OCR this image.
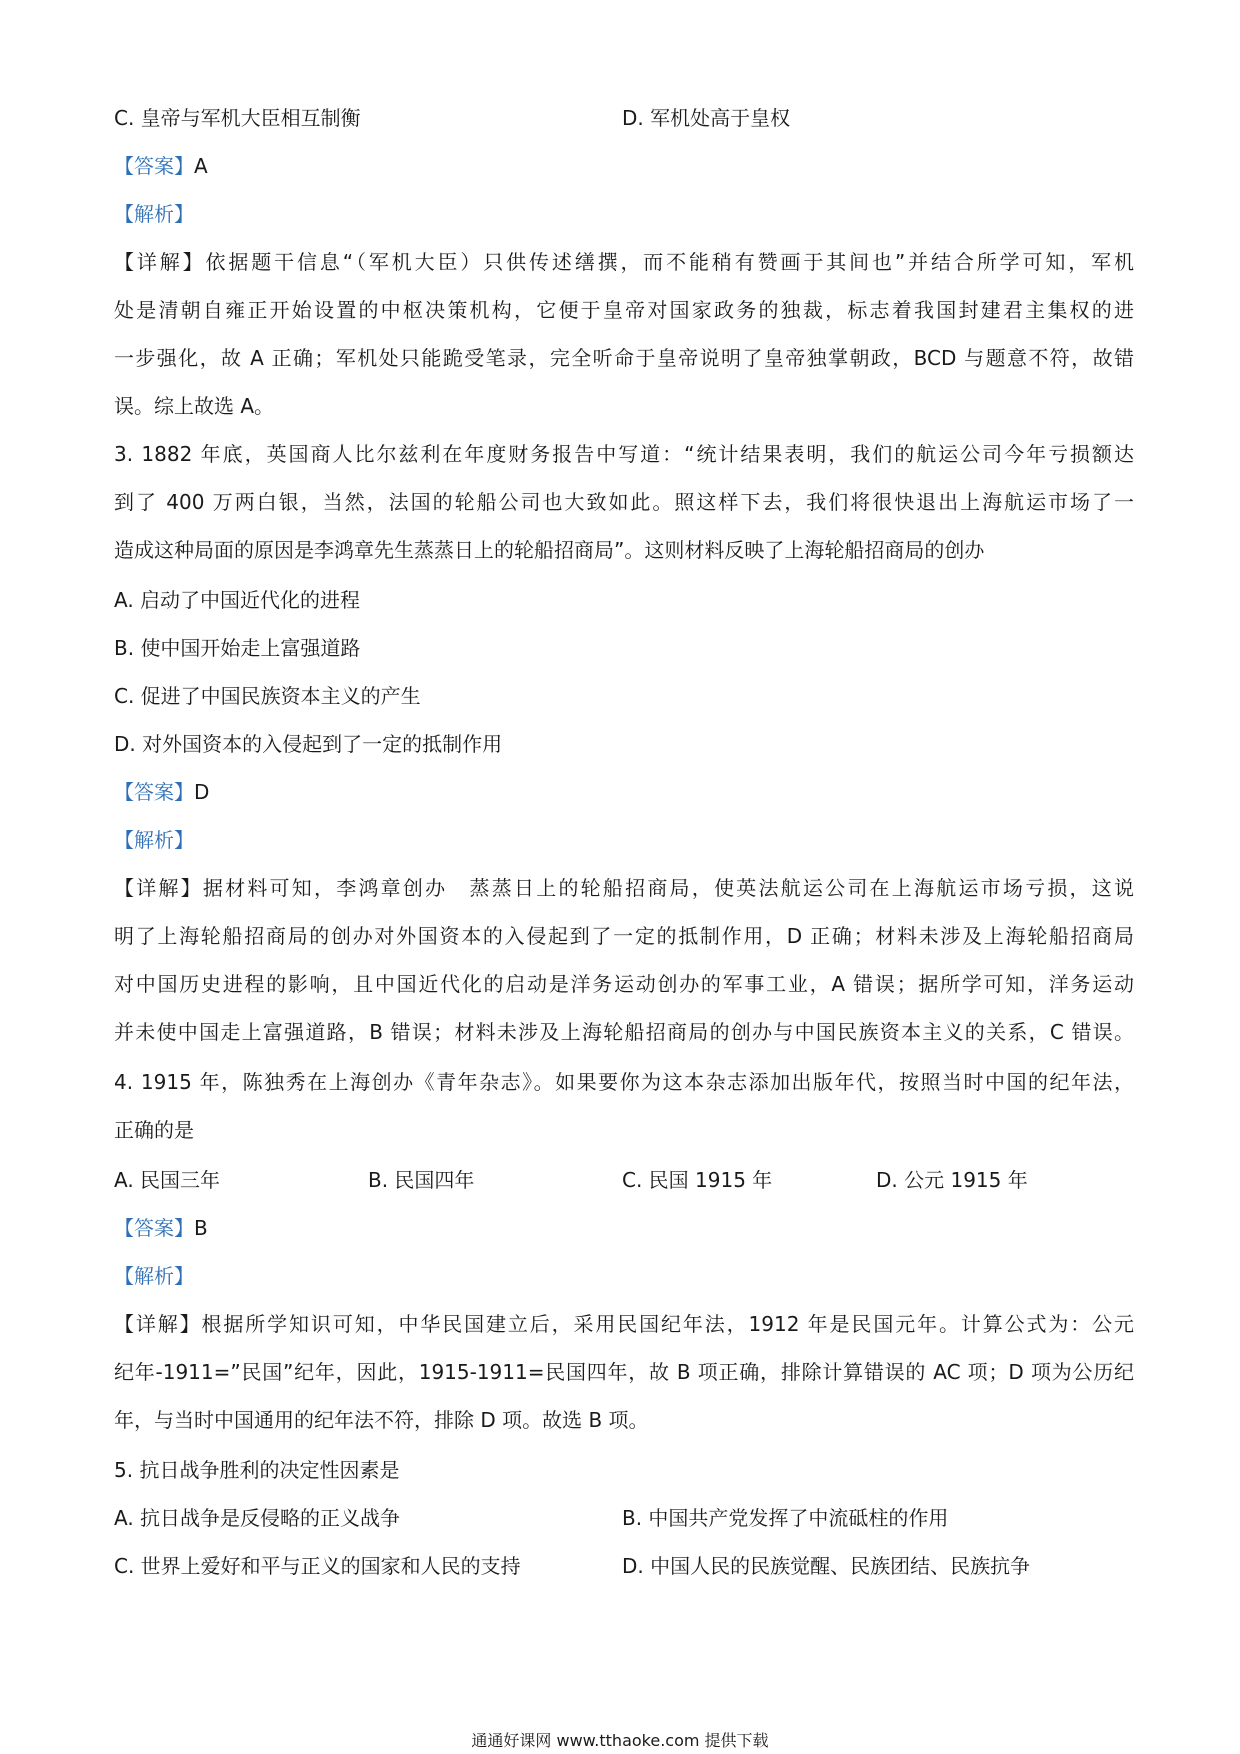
C. 皇帝与军机大臣相互制衡	D. 军机处高于皇权
【答案】A
【解析】
【详解】依据题干信息“（军机大臣）只供传述缮撰，而不能稍有赞画于其间也”并结合所学可知，军机
处是清朝自雍正开始设置的中枢决策机构，它便于皇帝对国家政务的独裁，标志着我国封建君主集权的进
一步强化，故 A 正确；军机处只能跪受笔录，完全听命于皇帝说明了皇帝独掌朝政，BCD 与题意不符，故错
误。综上故选 A。
3. 1882 年底，英国商人比尔兹利在年度财务报告中写道：“统计结果表明，我们的航运公司今年亏损额达
到了 400 万两白银，当然，法国的轮船公司也大致如此。照这样下去，我们将很快退出上海航运市场了一
造成这种局面的原因是李鸿章先生蒸蒸日上的轮船招商局”。这则材料反映了上海轮船招商局的创办
A. 启动了中国近代化的进程
B. 使中国开始走上富强道路
C. 促进了中国民族资本主义的产生
D. 对外国资本的入侵起到了一定的抵制作用
【答案】D
【解析】
【详解】据材料可知，李鸿章创办　蒸蒸日上的轮船招商局，使英法航运公司在上海航运市场亏损，这说
明了上海轮船招商局的创办对外国资本的入侵起到了一定的抵制作用，D 正确；材料未涉及上海轮船招商局
对中国历史进程的影响，且中国近代化的启动是洋务运动创办的军事工业，A 错误；据所学可知，洋务运动
并未使中国走上富强道路，B 错误；材料未涉及上海轮船招商局的创办与中国民族资本主义的关系，C 错误。
4. 1915 年，陈独秀在上海创办《青年杂志》。如果要你为这本杂志添加出版年代，按照当时中国的纪年法，
正确的是
A. 民国三年	B. 民国四年	C. 民国 1915 年	D. 公元 1915 年
【答案】B
【解析】
【详解】根据所学知识可知，中华民国建立后，采用民国纪年法，1912 年是民国元年。计算公式为：公元
纪年-1911=”民国”纪年，因此，1915-1911=民国四年，故 B 项正确，排除计算错误的 AC 项；D 项为公历纪
年，与当时中国通用的纪年法不符，排除 D 项。故选 B 项。
5. 抗日战争胜利的决定性因素是
A. 抗日战争是反侵略的正义战争	B. 中国共产党发挥了中流砥柱的作用
C. 世界上爱好和平与正义的国家和人民的支持	D. 中国人民的民族觉醒、民族团结、民族抗争
通通好课网 www.tthaoke.com 提供下载
